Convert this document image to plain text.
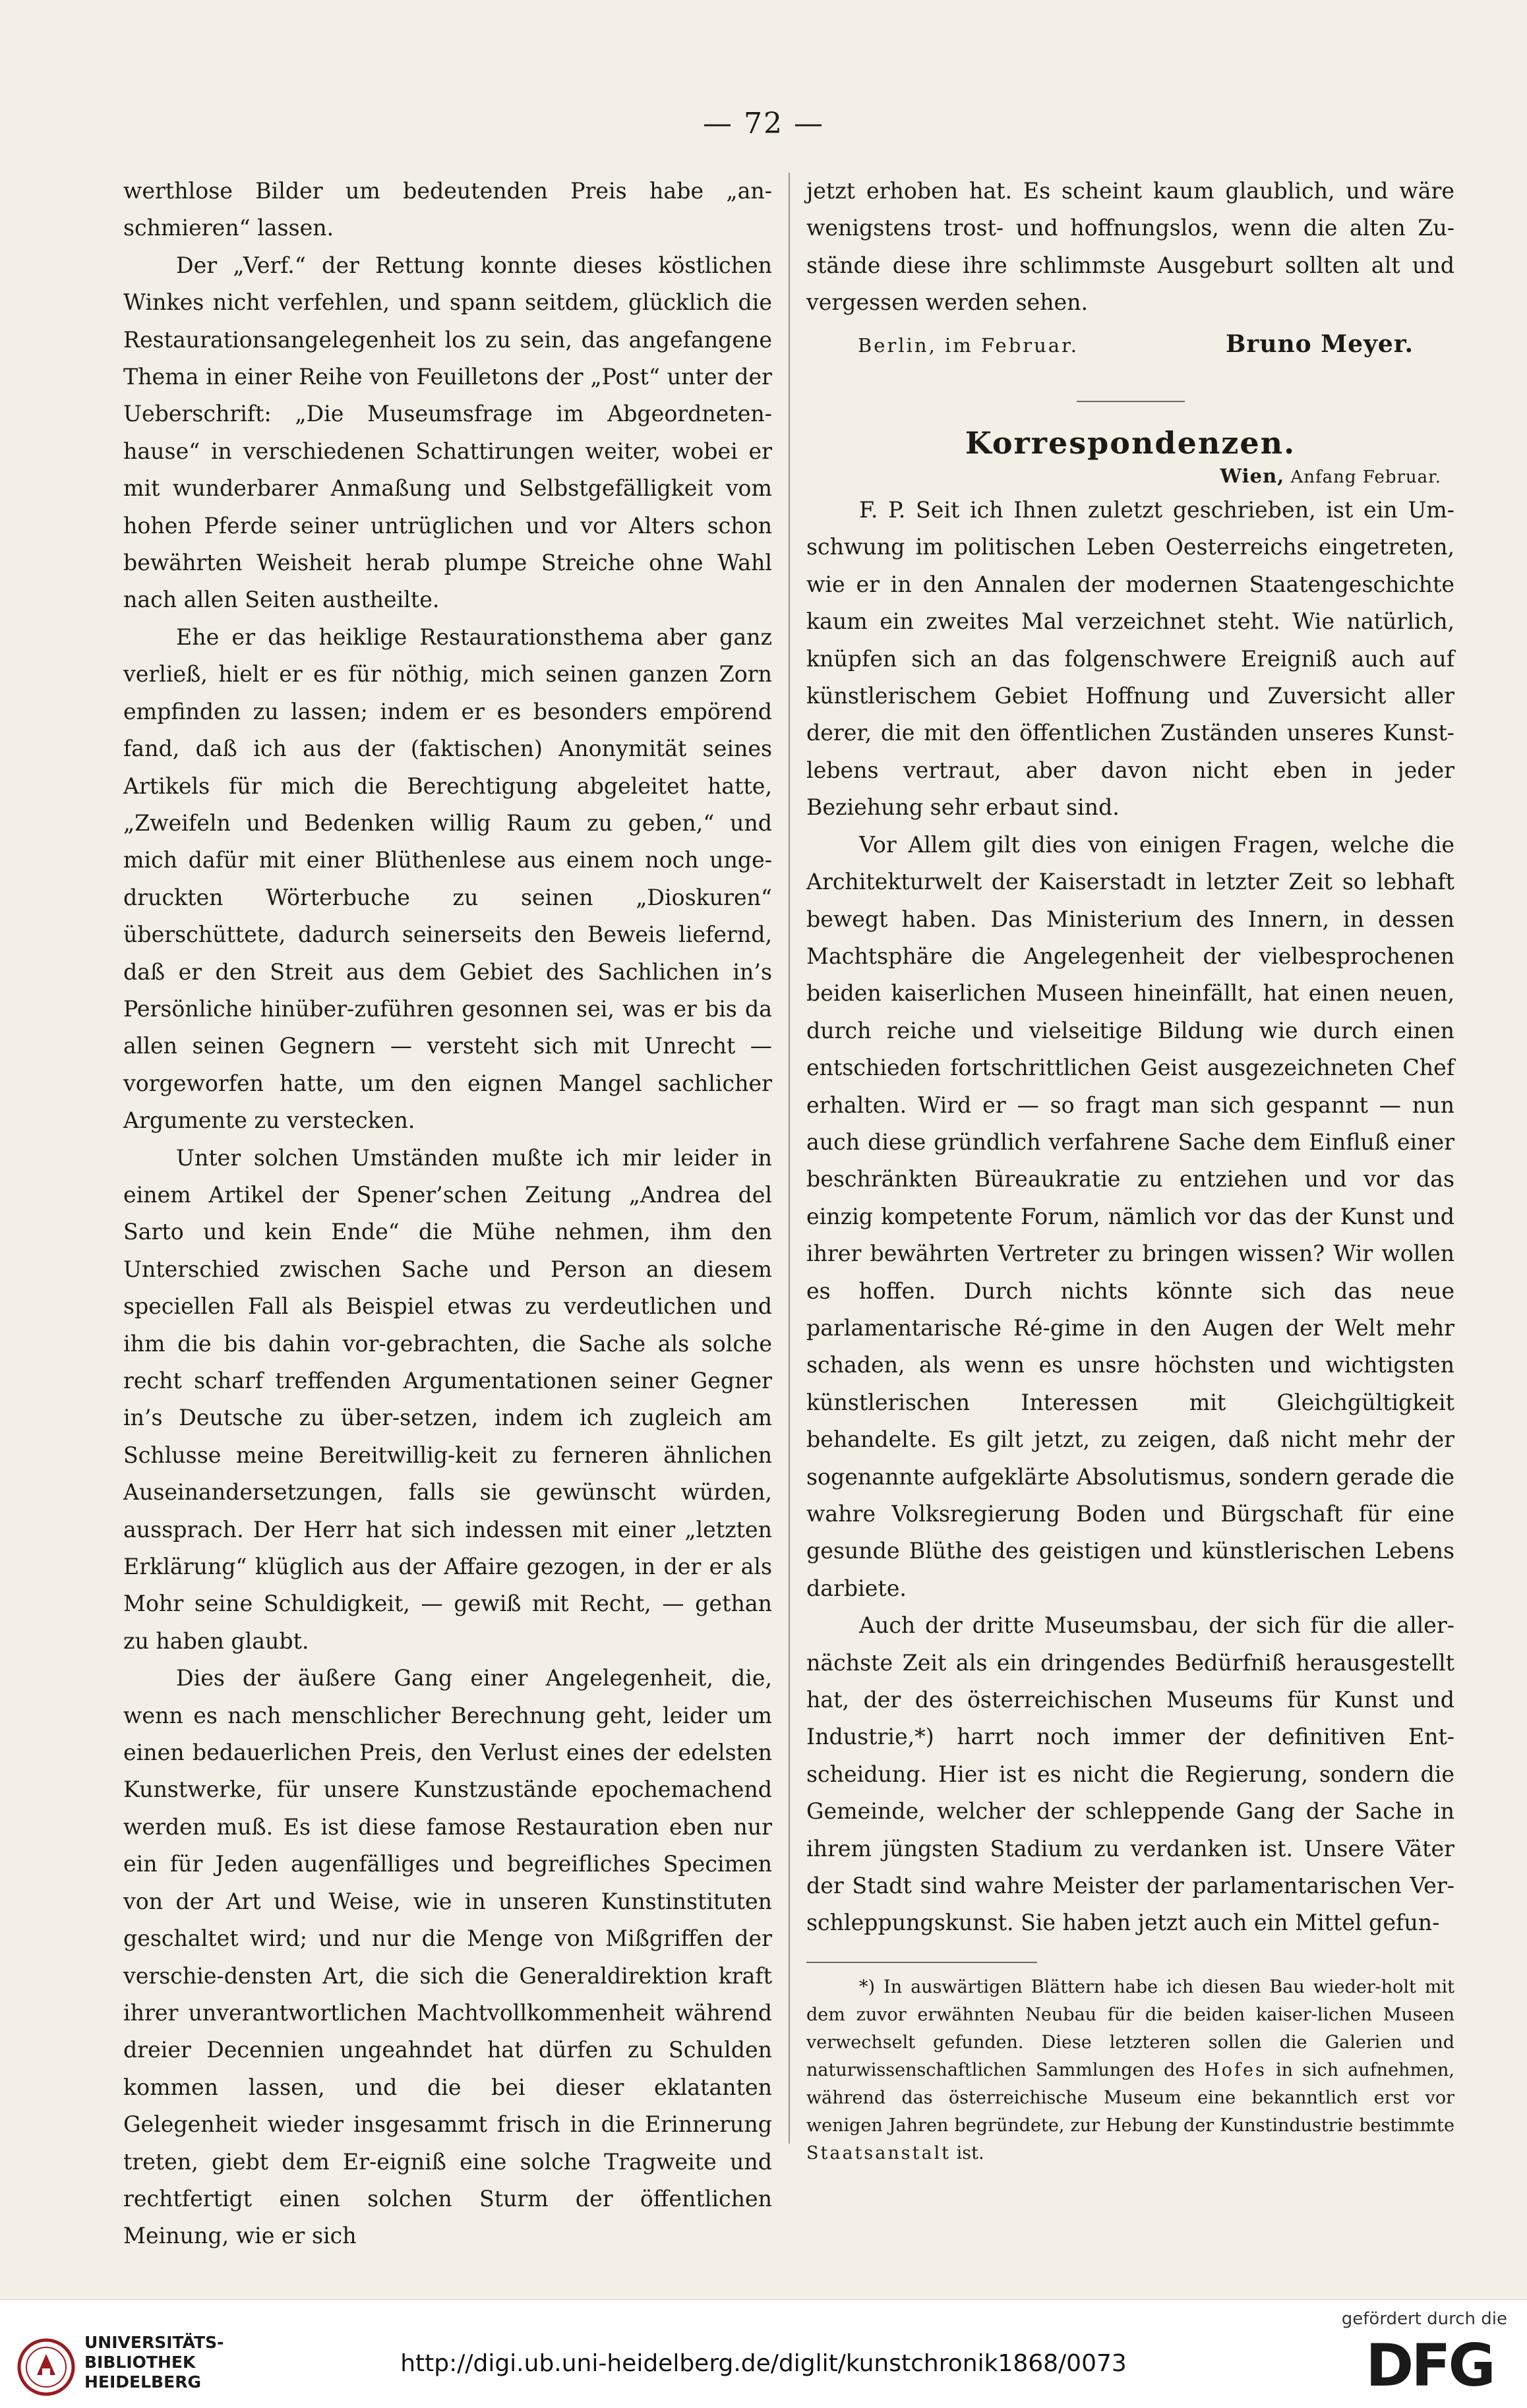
— 72 —

werthlose Bilder um bedeutenden Preis habe „an-schmieren“ lassen.

Der „Verf.“ der Rettung konnte dieses köstlichen Winkes nicht verfehlen, und spann seitdem, glücklich die Restaurationsangelegenheit los zu sein, das angefangene Thema in einer Reihe von Feuilletons der „Post“ unter der Ueberschrift: „Die Museumsfrage im Abgeordneten-hause“ in verschiedenen Schattirungen weiter, wobei er mit wunderbarer Anmaßung und Selbstgefälligkeit vom hohen Pferde seiner untrüglichen und vor Alters schon bewährten Weisheit herab plumpe Streiche ohne Wahl nach allen Seiten austheilte.

Ehe er das heiklige Restaurationsthema aber ganz verließ, hielt er es für nöthig, mich seinen ganzen Zorn empfinden zu lassen; indem er es besonders empörend fand, daß ich aus der (faktischen) Anonymität seines Artikels für mich die Berechtigung abgeleitet hatte, „Zweifeln und Bedenken willig Raum zu geben,“ und mich dafür mit einer Blüthenlese aus einem noch unge-druckten Wörterbuche zu seinen „Dioskuren“ überschüttete, dadurch seinerseits den Beweis liefernd, daß er den Streit aus dem Gebiet des Sachlichen in’s Persönliche hinüber-zuführen gesonnen sei, was er bis da allen seinen Gegnern — versteht sich mit Unrecht — vorgeworfen hatte, um den eignen Mangel sachlicher Argumente zu verstecken.

Unter solchen Umständen mußte ich mir leider in einem Artikel der Spener’schen Zeitung „Andrea del Sarto und kein Ende“ die Mühe nehmen, ihm den Unterschied zwischen Sache und Person an diesem speciellen Fall als Beispiel etwas zu verdeutlichen und ihm die bis dahin vor-gebrachten, die Sache als solche recht scharf treffenden Argumentationen seiner Gegner in’s Deutsche zu über-setzen, indem ich zugleich am Schlusse meine Bereitwillig-keit zu ferneren ähnlichen Auseinandersetzungen, falls sie gewünscht würden, aussprach. Der Herr hat sich indessen mit einer „letzten Erklärung“ klüglich aus der Affaire gezogen, in der er als Mohr seine Schuldigkeit, — gewiß mit Recht, — gethan zu haben glaubt.

Dies der äußere Gang einer Angelegenheit, die, wenn es nach menschlicher Berechnung geht, leider um einen bedauerlichen Preis, den Verlust eines der edelsten Kunstwerke, für unsere Kunstzustände epochemachend werden muß. Es ist diese famose Restauration eben nur ein für Jeden augenfälliges und begreifliches Specimen von der Art und Weise, wie in unseren Kunstinstituten geschaltet wird; und nur die Menge von Mißgriffen der verschie-densten Art, die sich die Generaldirektion kraft ihrer unverantwortlichen Machtvollkommenheit während dreier Decennien ungeahndet hat dürfen zu Schulden kommen lassen, und die bei dieser eklatanten Gelegenheit wieder insgesammt frisch in die Erinnerung treten, giebt dem Er-eigniß eine solche Tragweite und rechtfertigt einen solchen Sturm der öffentlichen Meinung, wie er sich

jetzt erhoben hat. Es scheint kaum glaublich, und wäre wenigstens trost- und hoffnungslos, wenn die alten Zu-stände diese ihre schlimmste Ausgeburt sollten alt und vergessen werden sehen.

Berlin, im Februar.	Bruno Meyer.
Korrespondenzen.
Wien, Anfang Februar.

F. P. Seit ich Ihnen zuletzt geschrieben, ist ein Um-schwung im politischen Leben Oesterreichs eingetreten, wie er in den Annalen der modernen Staatengeschichte kaum ein zweites Mal verzeichnet steht. Wie natürlich, knüpfen sich an das folgenschwere Ereigniß auch auf künstlerischem Gebiet Hoffnung und Zuversicht aller derer, die mit den öffentlichen Zuständen unseres Kunst-lebens vertraut, aber davon nicht eben in jeder Beziehung sehr erbaut sind.

Vor Allem gilt dies von einigen Fragen, welche die Architekturwelt der Kaiserstadt in letzter Zeit so lebhaft bewegt haben. Das Ministerium des Innern, in dessen Machtsphäre die Angelegenheit der vielbesprochenen beiden kaiserlichen Museen hineinfällt, hat einen neuen, durch reiche und vielseitige Bildung wie durch einen entschieden fortschrittlichen Geist ausgezeichneten Chef erhalten. Wird er — so fragt man sich gespannt — nun auch diese gründlich verfahrene Sache dem Einfluß einer beschränkten Büreaukratie zu entziehen und vor das einzig kompetente Forum, nämlich vor das der Kunst und ihrer bewährten Vertreter zu bringen wissen? Wir wollen es hoffen. Durch nichts könnte sich das neue parlamentarische Ré-gime in den Augen der Welt mehr schaden, als wenn es unsre höchsten und wichtigsten künstlerischen Interessen mit Gleichgültigkeit behandelte. Es gilt jetzt, zu zeigen, daß nicht mehr der sogenannte aufgeklärte Absolutismus, sondern gerade die wahre Volksregierung Boden und Bürgschaft für eine gesunde Blüthe des geistigen und künstlerischen Lebens darbiete.

Auch der dritte Museumsbau, der sich für die aller-nächste Zeit als ein dringendes Bedürfniß herausgestellt hat, der des österreichischen Museums für Kunst und Industrie,*) harrt noch immer der definitiven Ent-scheidung. Hier ist es nicht die Regierung, sondern die Gemeinde, welcher der schleppende Gang der Sache in ihrem jüngsten Stadium zu verdanken ist. Unsere Väter der Stadt sind wahre Meister der parlamentarischen Ver-schleppungskunst. Sie haben jetzt auch ein Mittel gefun-

*) In auswärtigen Blättern habe ich diesen Bau wieder-holt mit dem zuvor erwähnten Neubau für die beiden kaiser-lichen Museen verwechselt gefunden. Diese letzteren sollen die Galerien und naturwissenschaftlichen Sammlungen des Hofes in sich aufnehmen, während das österreichische Museum eine bekanntlich erst vor wenigen Jahren begründete, zur Hebung der Kunstindustrie bestimmte Staatsanstalt ist.

UNIVERSITÄTS-
BIBLIOTHEK
HEIDELBERG
http://digi.ub.uni-heidelberg.de/diglit/kunstchronik1868/0073
gefördert durch die
DFG
